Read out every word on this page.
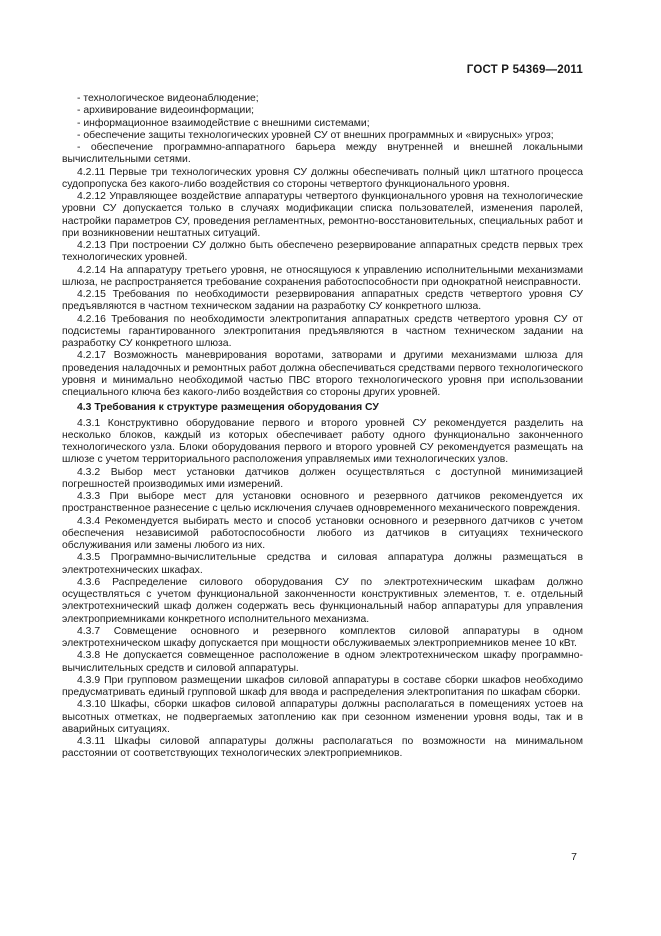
ГОСТ Р 54369—2011

- технологическое видеонаблюдение;

- архивирование видеоинформации;

- информационное взаимодействие с внешними системами;

- обеспечение защиты технологических уровней СУ от внешних программных и «вирусных» угроз;

- обеспечение программно-аппаратного барьера между внутренней и внешней локальными вычислительными сетями.

4.2.11 Первые три технологических уровня СУ должны обеспечивать полный цикл штатного процесса судопропуска без какого-либо воздействия со стороны четвертого функционального уровня.

4.2.12 Управляющее воздействие аппаратуры четвертого функционального уровня на технологические уровни СУ допускается только в случаях модификации списка пользователей, изменения паролей, настройки параметров СУ, проведения регламентных, ремонтно-восстановительных, специальных работ и при возникновении нештатных ситуаций.

4.2.13 При построении СУ должно быть обеспечено резервирование аппаратных средств первых трех технологических уровней.

4.2.14 На аппаратуру третьего уровня, не относящуюся к управлению исполнительными механизмами шлюза, не распространяется требование сохранения работоспособности при однократной неисправности.

4.2.15 Требования по необходимости резервирования аппаратных средств четвертого уровня СУ предъявляются в частном техническом задании на разработку СУ конкретного шлюза.

4.2.16 Требования по необходимости электропитания аппаратных средств четвертого уровня СУ от подсистемы гарантированного электропитания предъявляются в частном техническом задании на разработку СУ конкретного шлюза.

4.2.17 Возможность маневрирования воротами, затворами и другими механизмами шлюза для проведения наладочных и ремонтных работ должна обеспечиваться средствами первого технологического уровня и минимально необходимой частью ПВС второго технологического уровня при использовании специального ключа без какого-либо воздействия со стороны других уровней.

4.3 Требования к структуре размещения оборудования СУ

4.3.1 Конструктивно оборудование первого и второго уровней СУ рекомендуется разделить на несколько блоков, каждый из которых обеспечивает работу одного функционально законченного технологического узла. Блоки оборудования первого и второго уровней СУ рекомендуется размещать на шлюзе с учетом территориального расположения управляемых ими технологических узлов.

4.3.2 Выбор мест установки датчиков должен осуществляться с доступной минимизацией погрешностей производимых ими измерений.

4.3.3 При выборе мест для установки основного и резервного датчиков рекомендуется их пространственное разнесение с целью исключения случаев одновременного механического повреждения.

4.3.4 Рекомендуется выбирать место и способ установки основного и резервного датчиков с учетом обеспечения независимой работоспособности любого из датчиков в ситуациях технического обслуживания или замены любого из них.

4.3.5 Программно-вычислительные средства и силовая аппаратура должны размещаться в электротехнических шкафах.

4.3.6 Распределение силового оборудования СУ по электротехническим шкафам должно осуществляться с учетом функциональной законченности конструктивных элементов, т. е. отдельный электротехнический шкаф должен содержать весь функциональный набор аппаратуры для управления электроприемниками конкретного исполнительного механизма.

4.3.7 Совмещение основного и резервного комплектов силовой аппаратуры в одном электротехническом шкафу допускается при мощности обслуживаемых электроприемников менее 10 кВт.

4.3.8 Не допускается совмещенное расположение в одном электротехническом шкафу программно-вычислительных средств и силовой аппаратуры.

4.3.9 При групповом размещении шкафов силовой аппаратуры в составе сборки шкафов необходимо предусматривать единый групповой шкаф для ввода и распределения электропитания по шкафам сборки.

4.3.10 Шкафы, сборки шкафов силовой аппаратуры должны располагаться в помещениях устоев на высотных отметках, не подвергаемых затоплению как при сезонном изменении уровня воды, так и в аварийных ситуациях.

4.3.11 Шкафы силовой аппаратуры должны располагаться по возможности на минимальном расстоянии от соответствующих технологических электроприемников.

7
